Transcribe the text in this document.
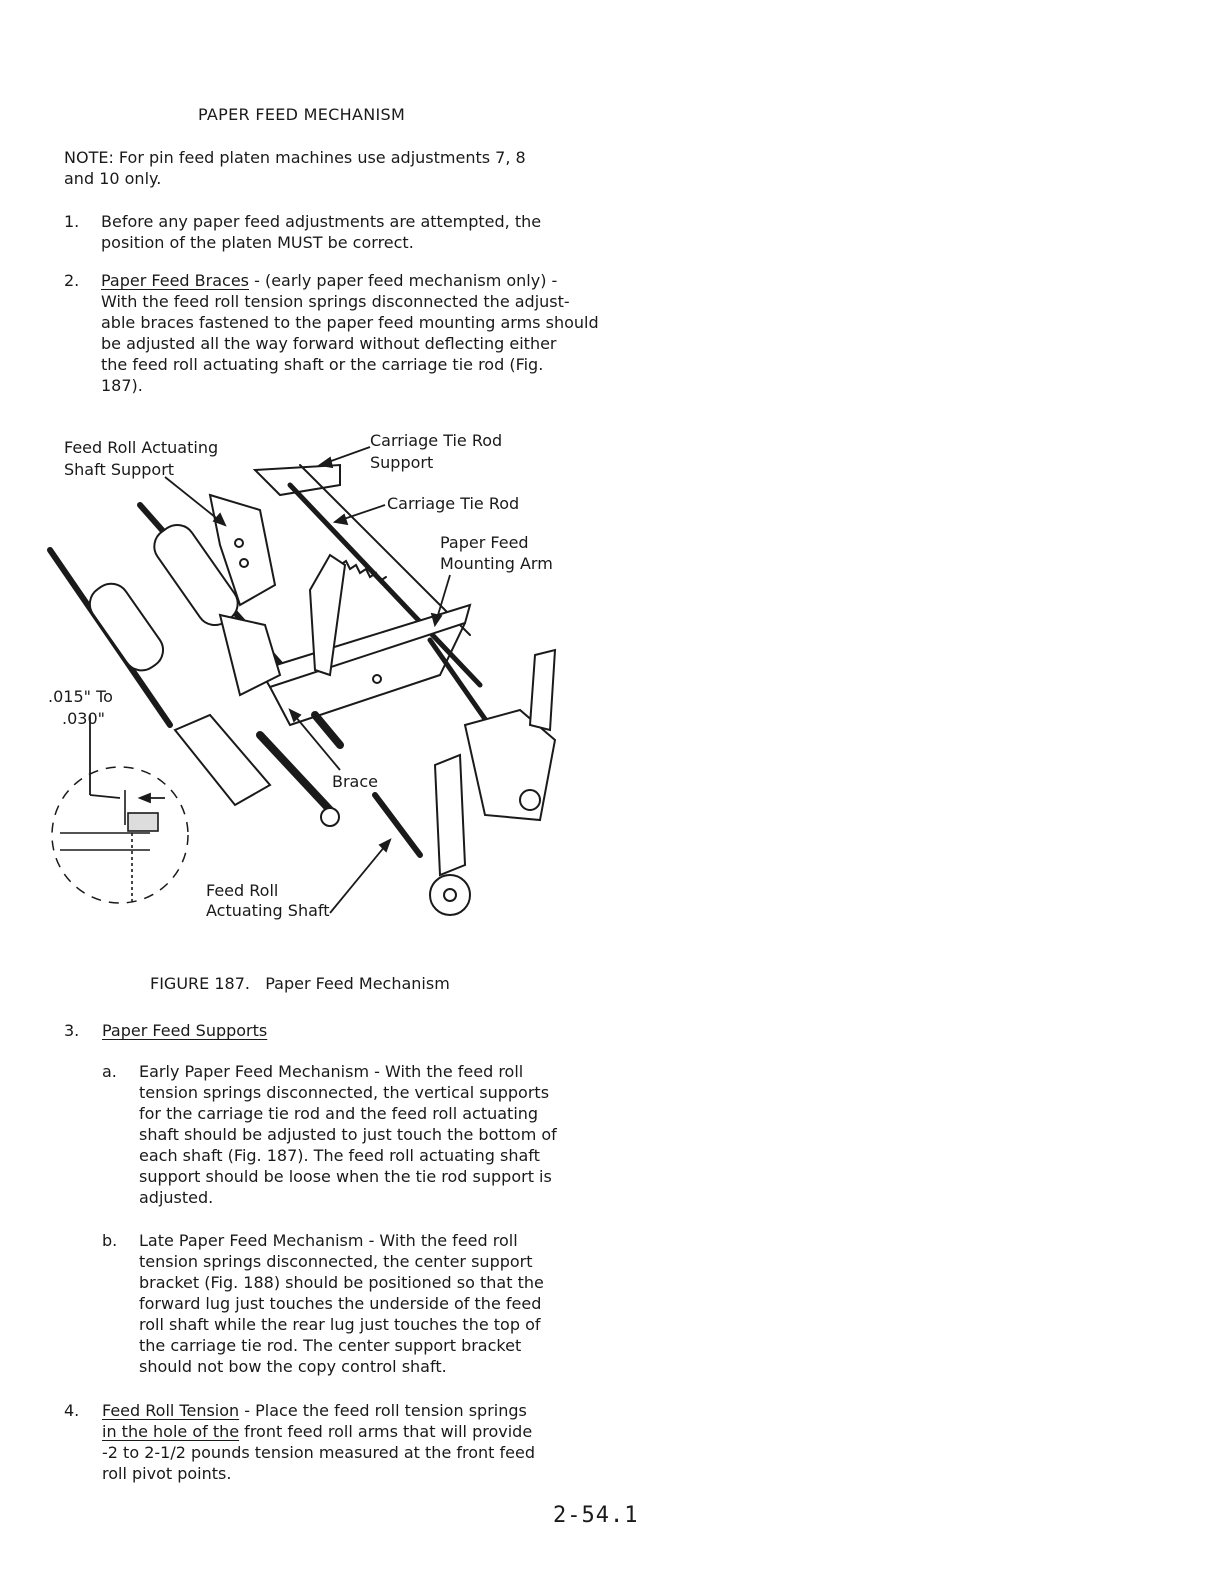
PAPER FEED MECHANISM
NOTE: For pin feed platen machines use adjustments 7, 8
and 10 only.
1. Before any paper feed adjustments are attempted, the
position of the platen MUST be correct.
2. Paper Feed Braces - (early paper feed mechanism only) -
With the feed roll tension springs disconnected the adjust-
able braces fastened to the paper feed mounting arms should
be adjusted all the way forward without deflecting either
the feed roll actuating shaft or the carriage tie rod (Fig.
187).
Feed Roll Actuating
Shaft Support
Carriage Tie Rod
Support
Carriage Tie Rod
Paper Feed
Mounting Arm
.015" To
.030"
Brace
Feed Roll
Actuating Shaft
FIGURE 187. Paper Feed Mechanism
3. Paper Feed Supports
a. Early Paper Feed Mechanism - With the feed roll
tension springs disconnected, the vertical supports
for the carriage tie rod and the feed roll actuating
shaft should be adjusted to just touch the bottom of
each shaft (Fig. 187). The feed roll actuating shaft
support should be loose when the tie rod support is
adjusted.
b. Late Paper Feed Mechanism - With the feed roll
tension springs disconnected, the center support
bracket (Fig. 188) should be positioned so that the
forward lug just touches the underside of the feed
roll shaft while the rear lug just touches the top of
the carriage tie rod. The center support bracket
should not bow the copy control shaft.
4. Feed Roll Tension - Place the feed roll tension springs
in the hole of the front feed roll arms that will provide
-2 to 2-1/2 pounds tension measured at the front feed
roll pivot points.
2-54.1
